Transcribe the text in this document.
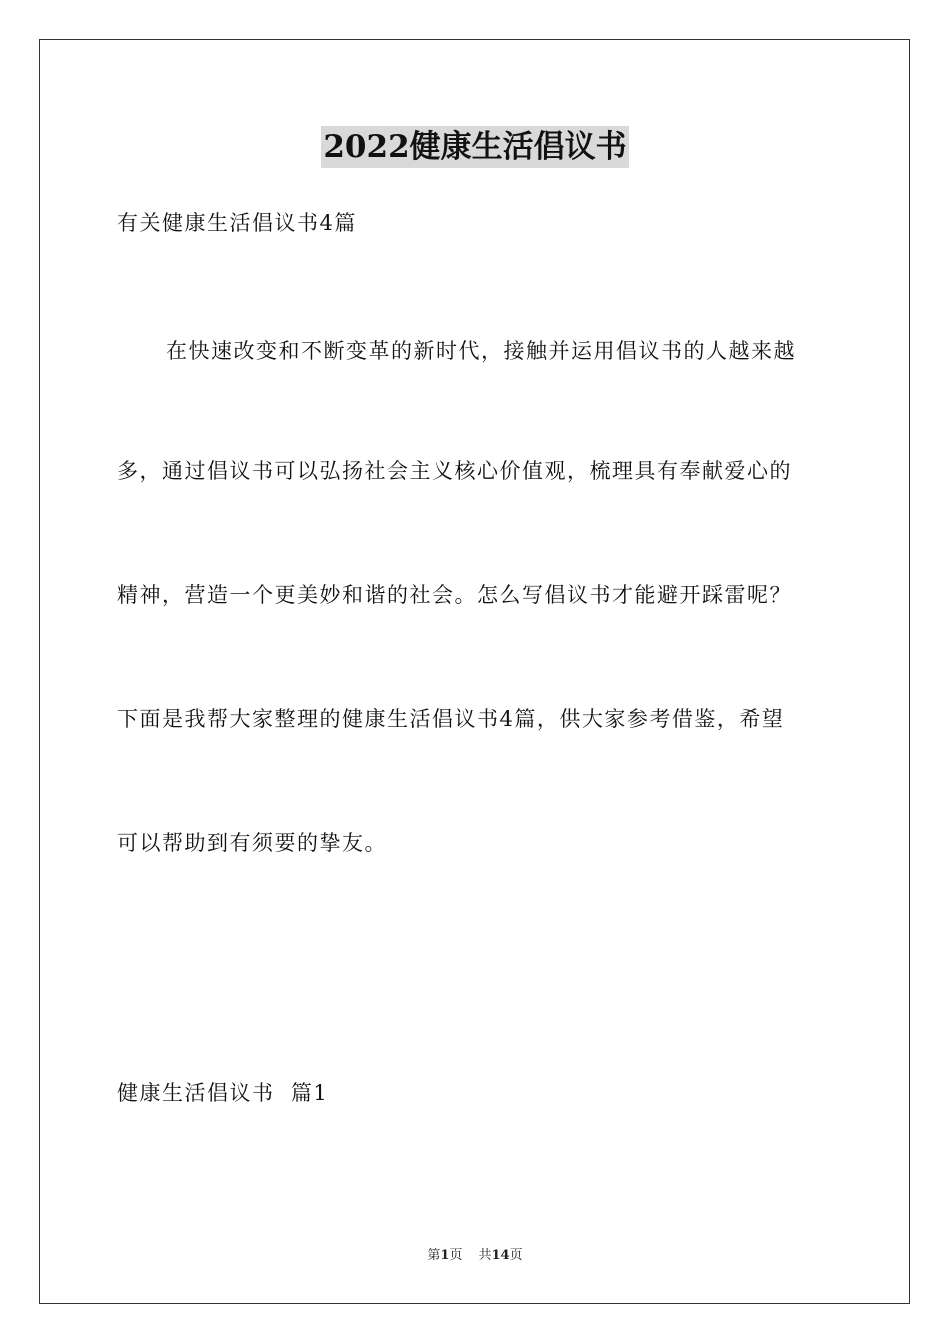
2022健康生活倡议书
有关健康生活倡议书4篇
在快速改变和不断变革的新时代，接触并运用倡议书的人越来越
多，通过倡议书可以弘扬社会主义核心价值观，梳理具有奉献爱心的
精神，营造一个更美妙和谐的社会。怎么写倡议书才能避开踩雷呢？
下面是我帮大家整理的健康生活倡议书4篇，供大家参考借鉴，希望
可以帮助到有须要的挚友。
健康生活倡议书  篇1
第1页 共14页
